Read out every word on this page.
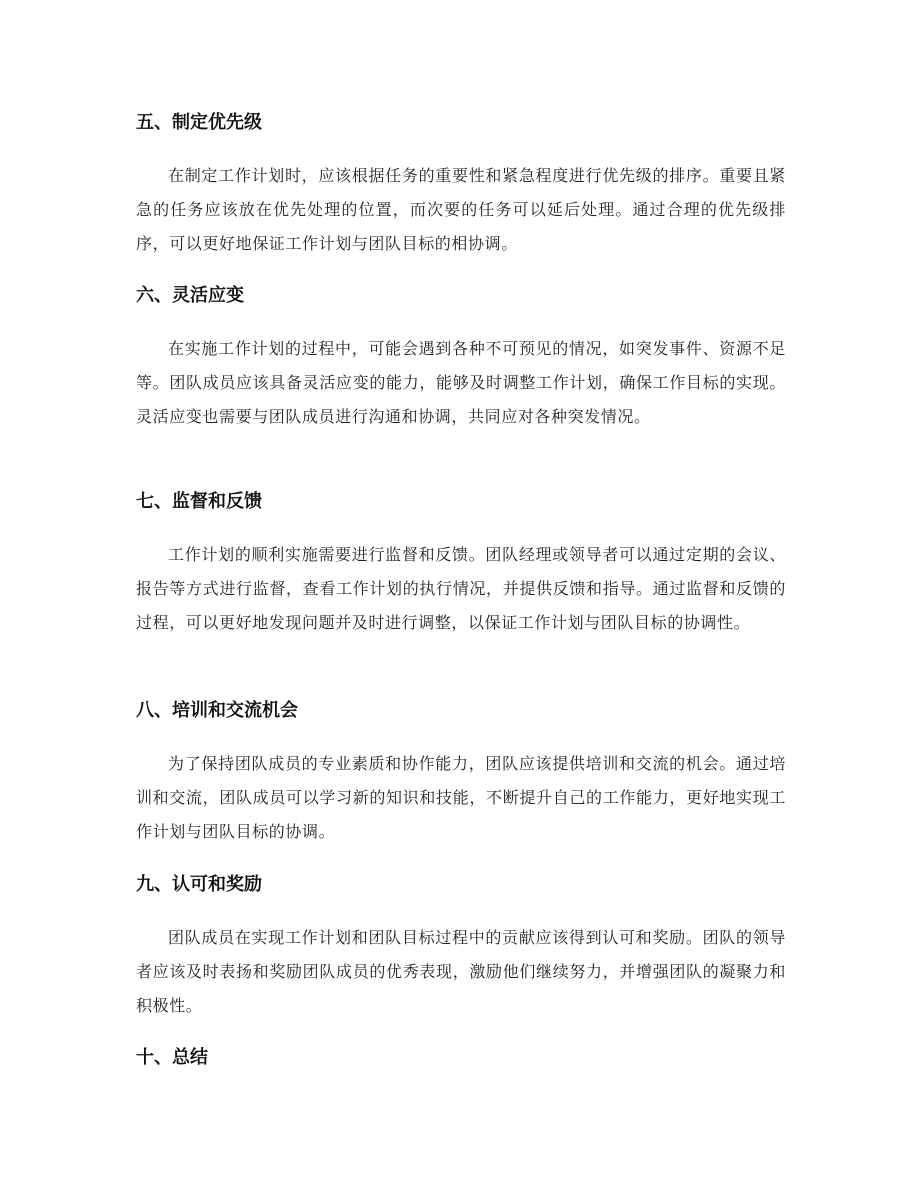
五、制定优先级

在制定工作计划时，应该根据任务的重要性和紧急程度进行优先级的排序。重要且紧急的任务应该放在优先处理的位置，而次要的任务可以延后处理。通过合理的优先级排序，可以更好地保证工作计划与团队目标的相协调。

六、灵活应变

在实施工作计划的过程中，可能会遇到各种不可预见的情况，如突发事件、资源不足等。团队成员应该具备灵活应变的能力，能够及时调整工作计划，确保工作目标的实现。灵活应变也需要与团队成员进行沟通和协调，共同应对各种突发情况。

七、监督和反馈

工作计划的顺利实施需要进行监督和反馈。团队经理或领导者可以通过定期的会议、报告等方式进行监督，查看工作计划的执行情况，并提供反馈和指导。通过监督和反馈的过程，可以更好地发现问题并及时进行调整，以保证工作计划与团队目标的协调性。

八、培训和交流机会

为了保持团队成员的专业素质和协作能力，团队应该提供培训和交流的机会。通过培训和交流，团队成员可以学习新的知识和技能，不断提升自己的工作能力，更好地实现工作计划与团队目标的协调。

九、认可和奖励

团队成员在实现工作计划和团队目标过程中的贡献应该得到认可和奖励。团队的领导者应该及时表扬和奖励团队成员的优秀表现，激励他们继续努力，并增强团队的凝聚力和积极性。

十、总结
